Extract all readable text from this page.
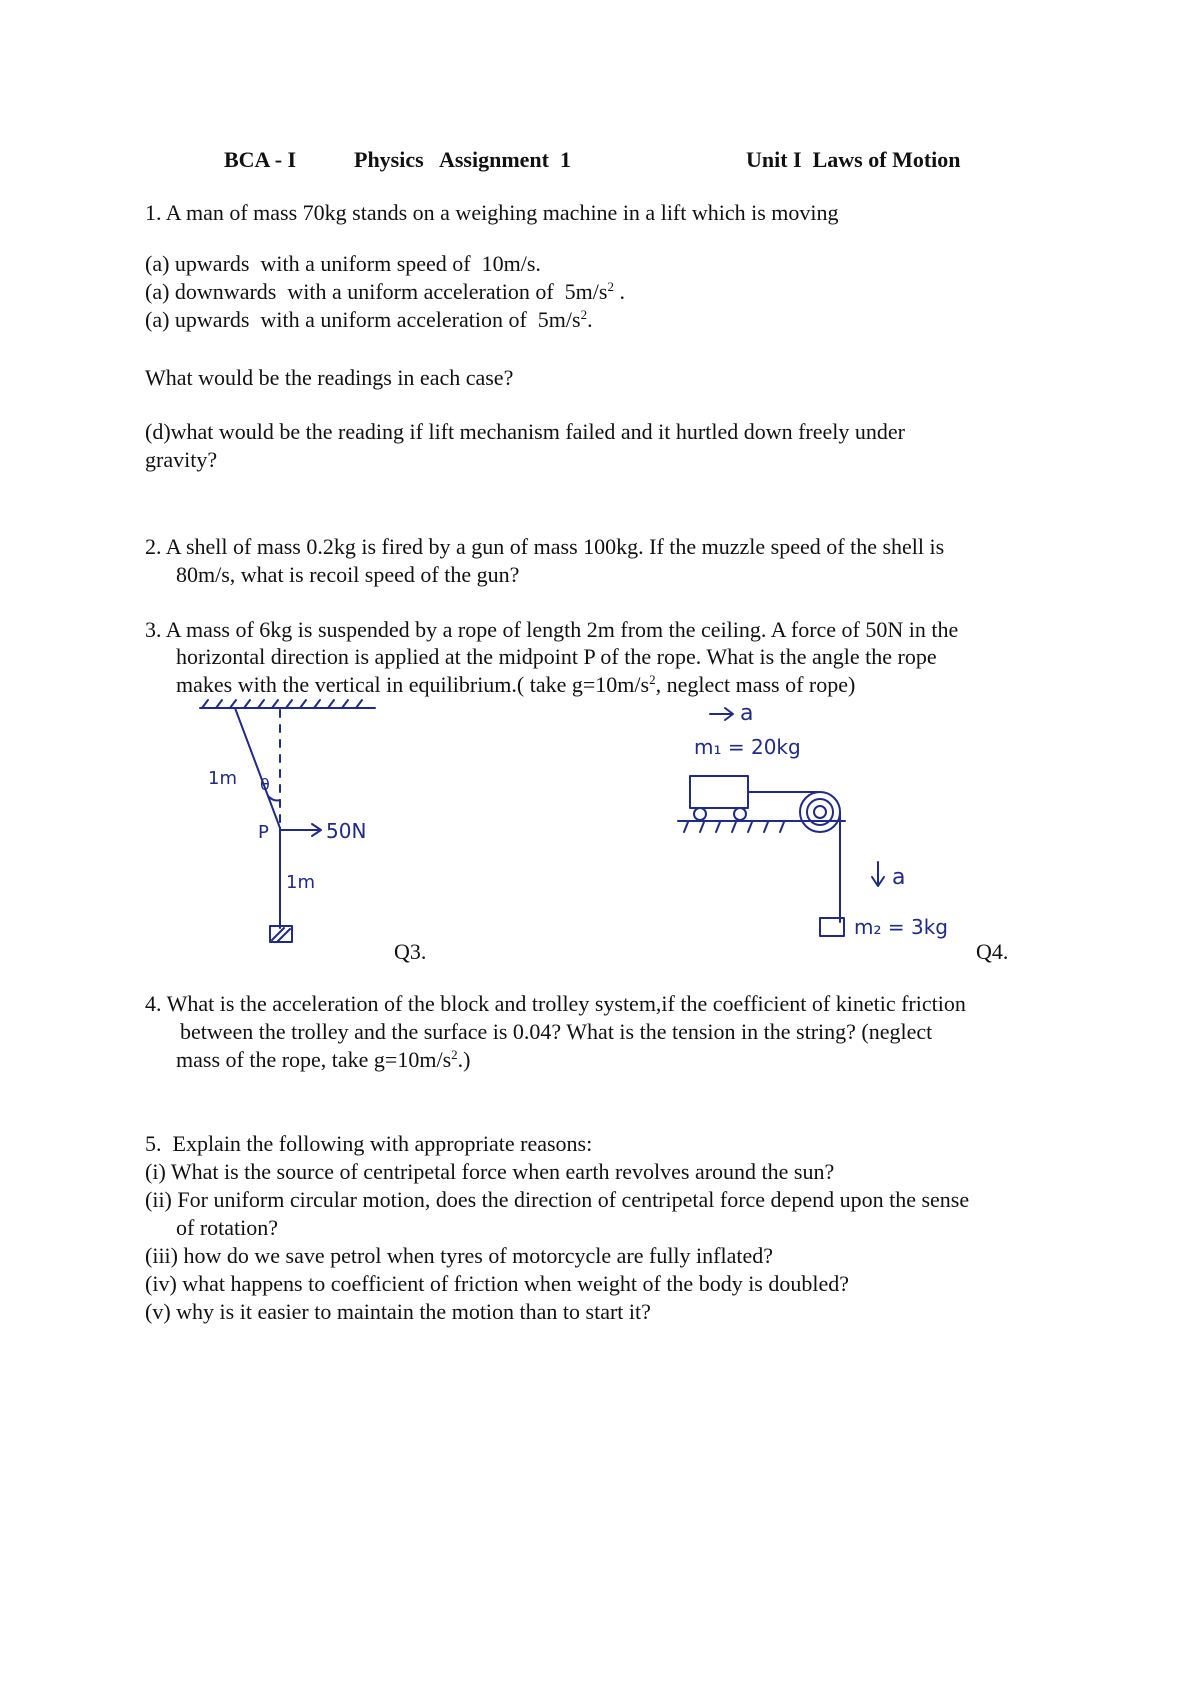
BCA - I	Physics   Assignment  1	Unit I  Laws of Motion
1. A man of mass 70kg stands on a weighing machine in a lift which is moving
(a) upwards  with a uniform speed of  10m/s.
(a) downwards  with a uniform acceleration of  $5m/s^2$ .
(a) upwards  with a uniform acceleration of  $5m/s^2$.
What would be the readings in each case?
(d)what would be the reading if lift mechanism failed and it hurtled down freely under
gravity?
2. A shell of mass 0.2kg is fired by a gun of mass 100kg. If the muzzle speed of the shell is
80m/s, what is recoil speed of the gun?
3. A mass of 6kg is suspended by a rope of length 2m from the ceiling. A force of 50N in the
horizontal direction is applied at the midpoint P of the rope. What is the angle the rope
makes with the vertical in equilibrium.( take $g=10m/s^2$, neglect mass of rope)
1m θ
P	50N
1m
Q3.
a
m₁ = 20kg
a
m₂ = 3kg
Q4.
4. What is the acceleration of the block and trolley system,if the coefficient of kinetic friction
between the trolley and the surface is 0.04? What is the tension in the string? (neglect
mass of the rope, take $g=10m/s^2$.)
5.  Explain the following with appropriate reasons:
(i) What is the source of centripetal force when earth revolves around the sun?
(ii) For uniform circular motion, does the direction of centripetal force depend upon the sense
of rotation?
(iii) how do we save petrol when tyres of motorcycle are fully inflated?
(iv) what happens to coefficient of friction when weight of the body is doubled?
(v) why is it easier to maintain the motion than to start it?
